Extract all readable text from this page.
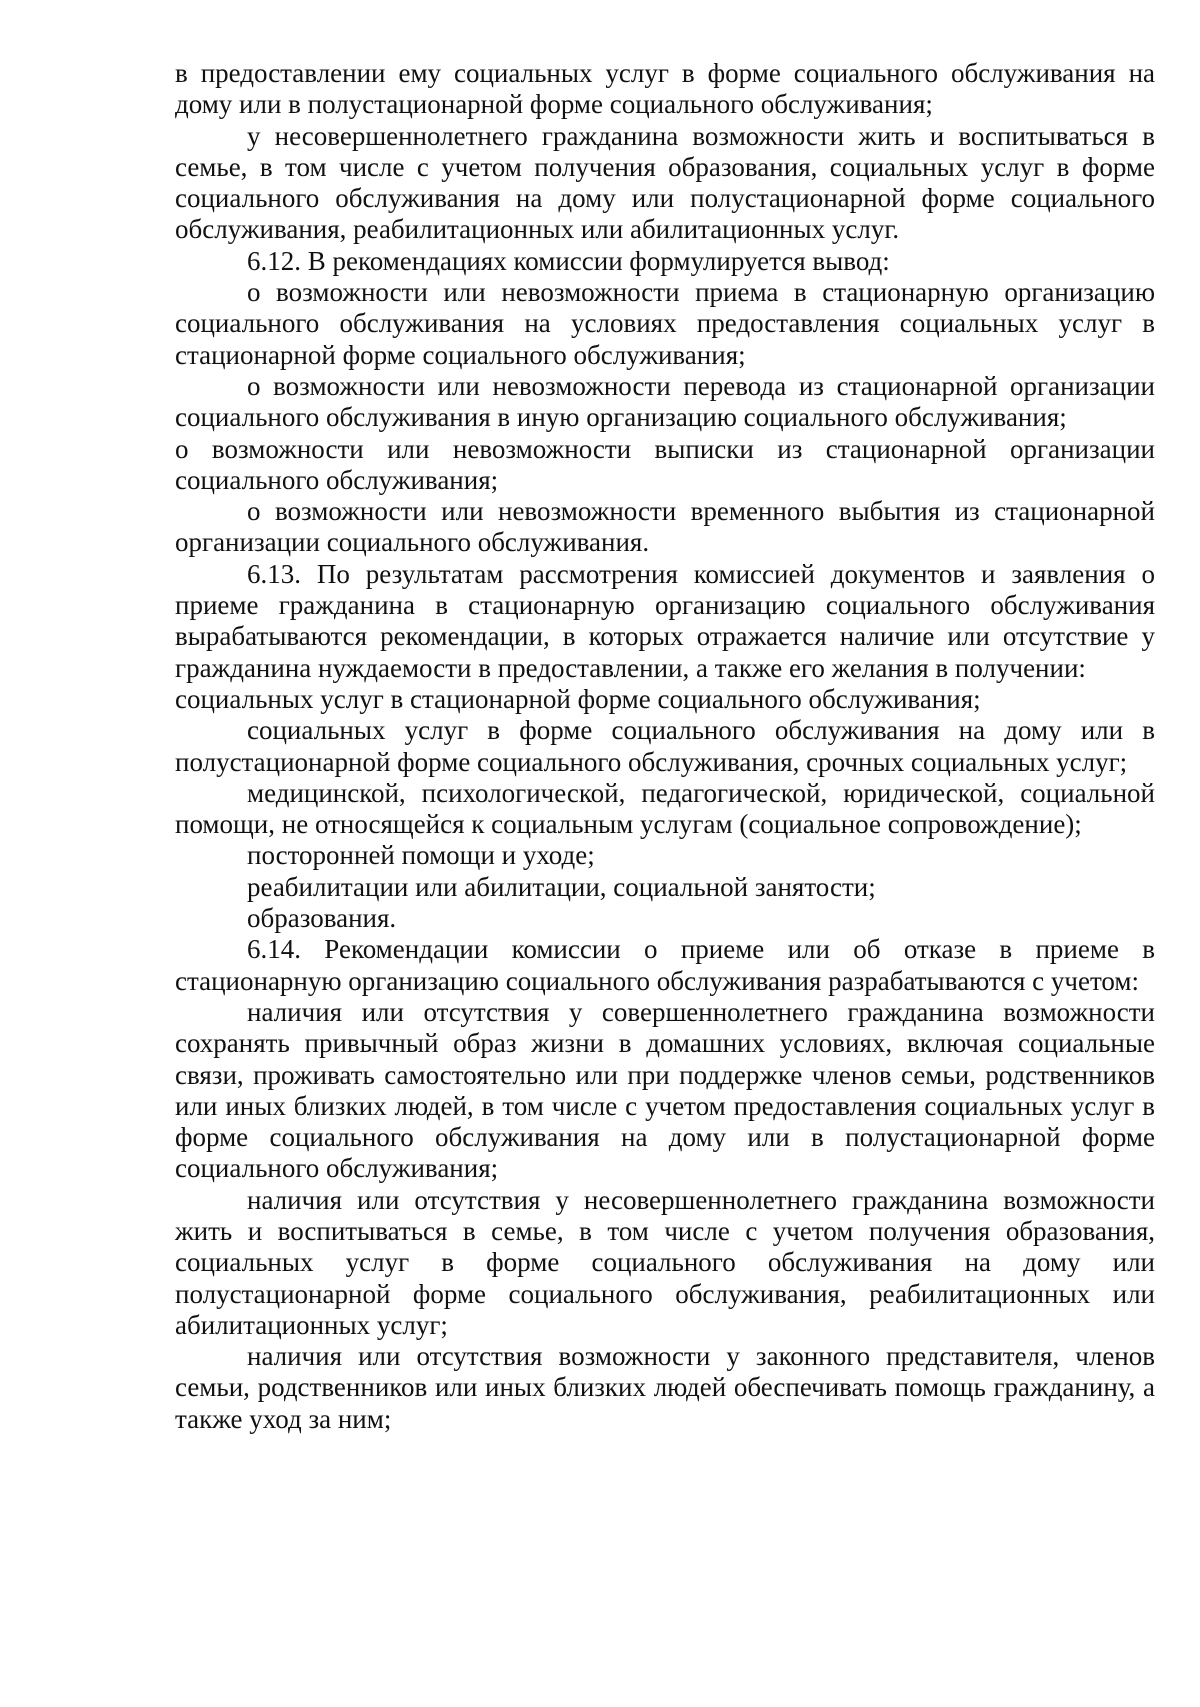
в предоставлении ему социальных услуг в форме социального обслуживания на дому или в полустационарной форме социального обслуживания;

у несовершеннолетнего гражданина возможности жить и воспитываться в семье, в том числе с учетом получения образования, социальных услуг в форме социального обслуживания на дому или полустационарной форме социального обслуживания, реабилитационных или абилитационных услуг.

6.12. В рекомендациях комиссии формулируется вывод:

о возможности или невозможности приема в стационарную организацию социального обслуживания на условиях предоставления социальных услуг в стационарной форме социального обслуживания;

о возможности или невозможности перевода из стационарной организации социального обслуживания в иную организацию социального обслуживания;

о возможности или невозможности выписки из стационарной организации социального обслуживания;

о возможности или невозможности временного выбытия из стационарной организации социального обслуживания.

6.13. По результатам рассмотрения комиссией документов и заявления о приеме гражданина в стационарную организацию социального обслуживания вырабатываются рекомендации, в которых отражается наличие или отсутствие у гражданина нуждаемости в предоставлении, а также его желания в получении:

социальных услуг в стационарной форме социального обслуживания;

социальных услуг в форме социального обслуживания на дому или в полустационарной форме социального обслуживания, срочных социальных услуг;

медицинской, психологической, педагогической, юридической, социальной помощи, не относящейся к социальным услугам (социальное сопровождение);

посторонней помощи и уходе;

реабилитации или абилитации, социальной занятости;

образования.

6.14. Рекомендации комиссии о приеме или об отказе в приеме в стационарную организацию социального обслуживания разрабатываются с учетом:

наличия или отсутствия у совершеннолетнего гражданина возможности сохранять привычный образ жизни в домашних условиях, включая социальные связи, проживать самостоятельно или при поддержке членов семьи, родственников или иных близких людей, в том числе с учетом предоставления социальных услуг в форме социального обслуживания на дому или в полустационарной форме социального обслуживания;

наличия или отсутствия у несовершеннолетнего гражданина возможности жить и воспитываться в семье, в том числе с учетом получения образования, социальных услуг в форме социального обслуживания на дому или полустационарной форме социального обслуживания, реабилитационных или абилитационных услуг;

наличия или отсутствия возможности у законного представителя, членов семьи, родственников или иных близких людей обеспечивать помощь гражданину, а также уход за ним;
